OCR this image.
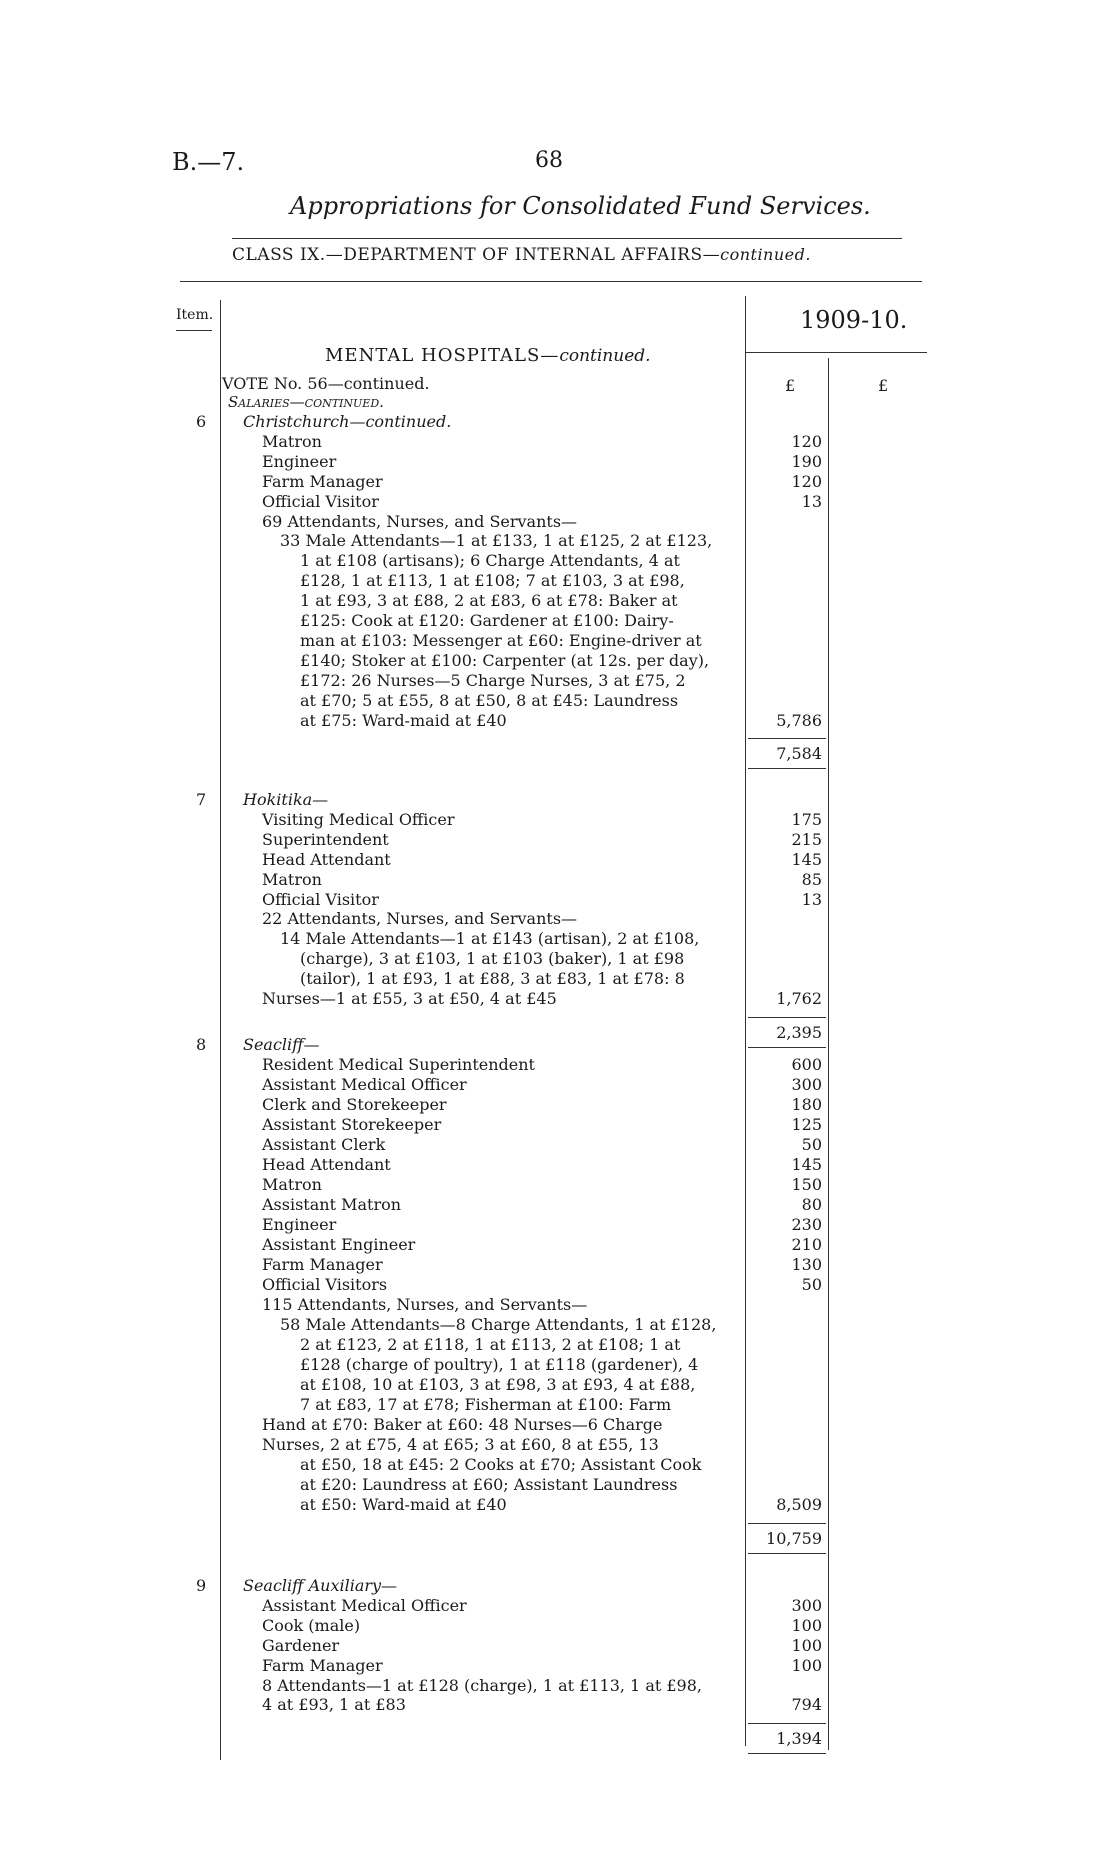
B.—7.	68
Appropriations for Consolidated Fund Services.
CLASS IX.—DEPARTMENT OF INTERNAL AFFAIRS—continued.
Item.	1909-10.
MENTAL HOSPITALS—continued.
VOTE No. 56—continued.
Salaries—continued.
£	£
6 Christchurch—continued.
Matron	120
Engineer	190
Farm Manager	120
Official Visitor	13
69 Attendants, Nurses, and Servants—
33 Male Attendants—1 at £133, 1 at £125, 2 at £123,
1 at £108 (artisans); 6 Charge Attendants, 4 at
£128, 1 at £113, 1 at £108; 7 at £103, 3 at £98,
1 at £93, 3 at £88, 2 at £83, 6 at £78: Baker at
£125: Cook at £120: Gardener at £100: Dairy-
man at £103: Messenger at £60: Engine-driver at
£140; Stoker at £100: Carpenter (at 12s. per day),
£172: 26 Nurses—5 Charge Nurses, 3 at £75, 2
at £70; 5 at £55, 8 at £50, 8 at £45: Laundress
at £75: Ward-maid at £40	5,786
7,584
7 Hokitika—
Visiting Medical Officer	175
Superintendent	215
Head Attendant	145
Matron	85
Official Visitor	13
22 Attendants, Nurses, and Servants—
14 Male Attendants—1 at £143 (artisan), 2 at £108,
(charge), 3 at £103, 1 at £103 (baker), 1 at £98
(tailor), 1 at £93, 1 at £88, 3 at £83, 1 at £78: 8
Nurses—1 at £55, 3 at £50, 4 at £45	1,762
2,395
8 Seacliff—
Resident Medical Superintendent	600
Assistant Medical Officer	300
Clerk and Storekeeper	180
Assistant Storekeeper	125
Assistant Clerk	50
Head Attendant	145
Matron	150
Assistant Matron	80
Engineer	230
Assistant Engineer	210
Farm Manager	130
Official Visitors	50
115 Attendants, Nurses, and Servants—
58 Male Attendants—8 Charge Attendants, 1 at £128,
2 at £123, 2 at £118, 1 at £113, 2 at £108; 1 at
£128 (charge of poultry), 1 at £118 (gardener), 4
at £108, 10 at £103, 3 at £98, 3 at £93, 4 at £88,
7 at £83, 17 at £78; Fisherman at £100: Farm
Hand at £70: Baker at £60: 48 Nurses—6 Charge
Nurses, 2 at £75, 4 at £65; 3 at £60, 8 at £55, 13
at £50, 18 at £45: 2 Cooks at £70; Assistant Cook
at £20: Laundress at £60; Assistant Laundress
at £50: Ward-maid at £40	8,509
10,759
9 Seacliff Auxiliary—
Assistant Medical Officer	300
Cook (male)	100
Gardener	100
Farm Manager	100
8 Attendants—1 at £128 (charge), 1 at £113, 1 at £98,
4 at £93, 1 at £83	794
1,394
